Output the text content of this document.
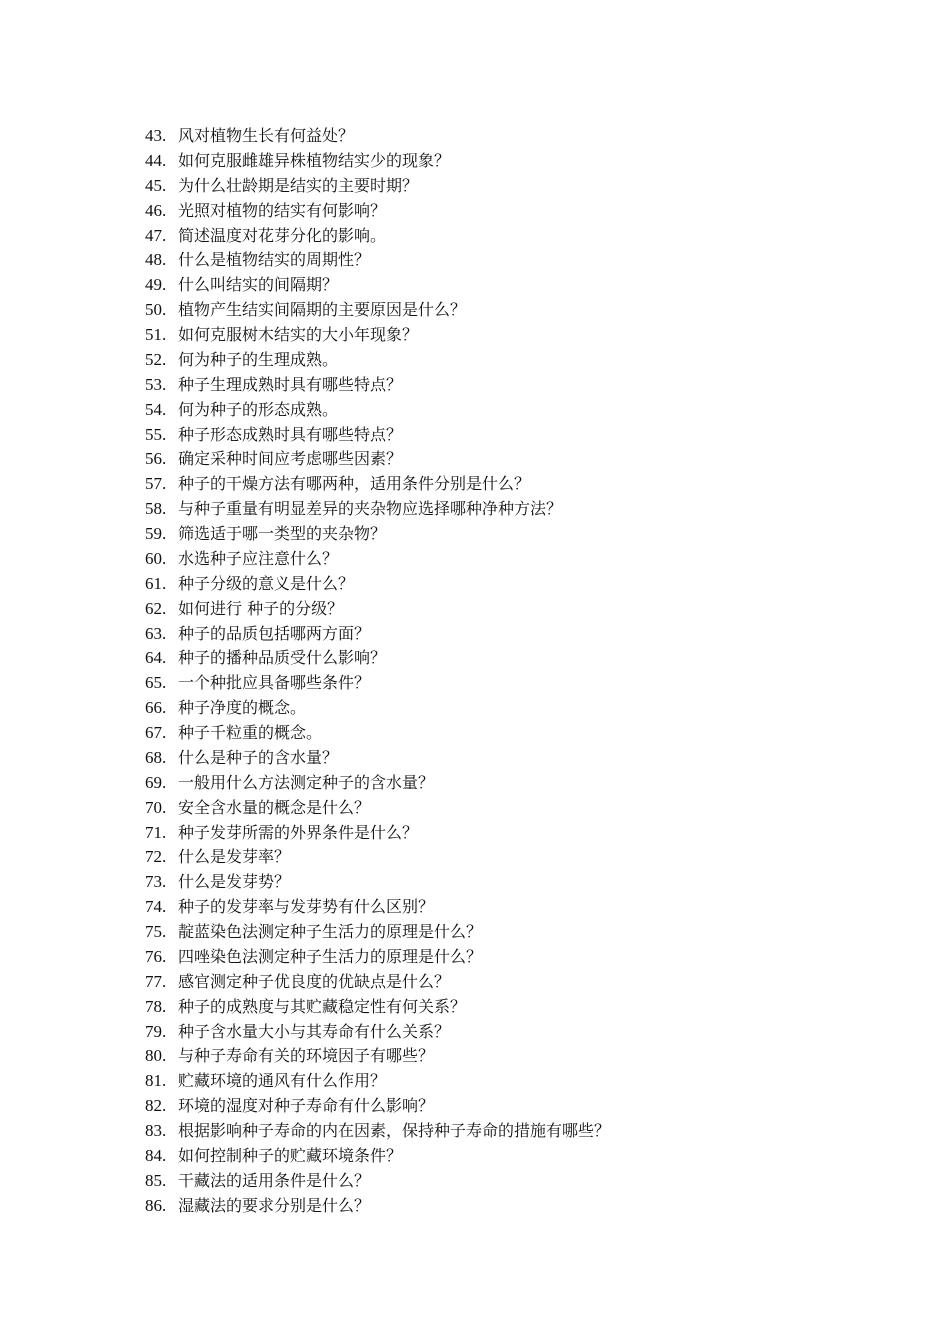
43. 风对植物生长有何益处？
44. 如何克服雌雄异株植物结实少的现象？
45. 为什么壮龄期是结实的主要时期？
46. 光照对植物的结实有何影响？
47. 简述温度对花芽分化的影响。
48. 什么是植物结实的周期性？
49. 什么叫结实的间隔期？
50. 植物产生结实间隔期的主要原因是什么？
51. 如何克服树木结实的大小年现象？
52. 何为种子的生理成熟。
53. 种子生理成熟时具有哪些特点？
54. 何为种子的形态成熟。
55. 种子形态成熟时具有哪些特点？
56. 确定采种时间应考虑哪些因素？
57. 种子的干燥方法有哪两种，适用条件分别是什么？
58. 与种子重量有明显差异的夹杂物应选择哪种净种方法？
59. 筛选适于哪一类型的夹杂物？
60. 水选种子应注意什么？
61. 种子分级的意义是什么？
62. 如何进行 种子的分级？
63. 种子的品质包括哪两方面？
64. 种子的播种品质受什么影响？
65. 一个种批应具备哪些条件？
66. 种子净度的概念。
67. 种子千粒重的概念。
68. 什么是种子的含水量？
69. 一般用什么方法测定种子的含水量？
70. 安全含水量的概念是什么？
71. 种子发芽所需的外界条件是什么？
72. 什么是发芽率？
73. 什么是发芽势？
74. 种子的发芽率与发芽势有什么区别？
75. 靛蓝染色法测定种子生活力的原理是什么？
76. 四唑染色法测定种子生活力的原理是什么？
77. 感官测定种子优良度的优缺点是什么？
78. 种子的成熟度与其贮藏稳定性有何关系？
79. 种子含水量大小与其寿命有什么关系？
80. 与种子寿命有关的环境因子有哪些？
81. 贮藏环境的通风有什么作用？
82. 环境的湿度对种子寿命有什么影响？
83. 根据影响种子寿命的内在因素，保持种子寿命的措施有哪些？
84. 如何控制种子的贮藏环境条件？
85. 干藏法的适用条件是什么？
86. 湿藏法的要求分别是什么？
